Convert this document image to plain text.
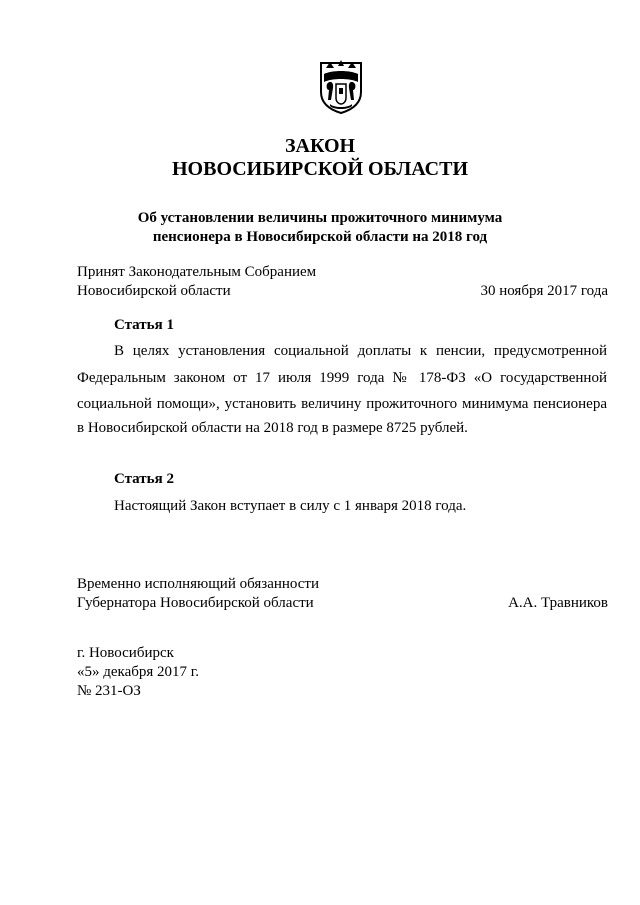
ЗАКОН
НОВОСИБИРСКОЙ ОБЛАСТИ
Об установлении величины прожиточного минимума
пенсионера в Новосибирской области на 2018 год
Принят Законодательным Собранием
Новосибирской области	30 ноября 2017 года
Статья 1
В целях установления социальной доплаты к пенсии, предусмотренной
Федеральным законом от 17 июля 1999 года № 178-ФЗ «О государственной
социальной помощи», установить величину прожиточного минимума пенсионера
в Новосибирской области на 2018 год в размере 8725 рублей.
Статья 2
Настоящий Закон вступает в силу с 1 января 2018 года.
Временно исполняющий обязанности
Губернатора Новосибирской области	А.А. Травников
г. Новосибирск
«5» декабря 2017 г.
№ 231-ОЗ
